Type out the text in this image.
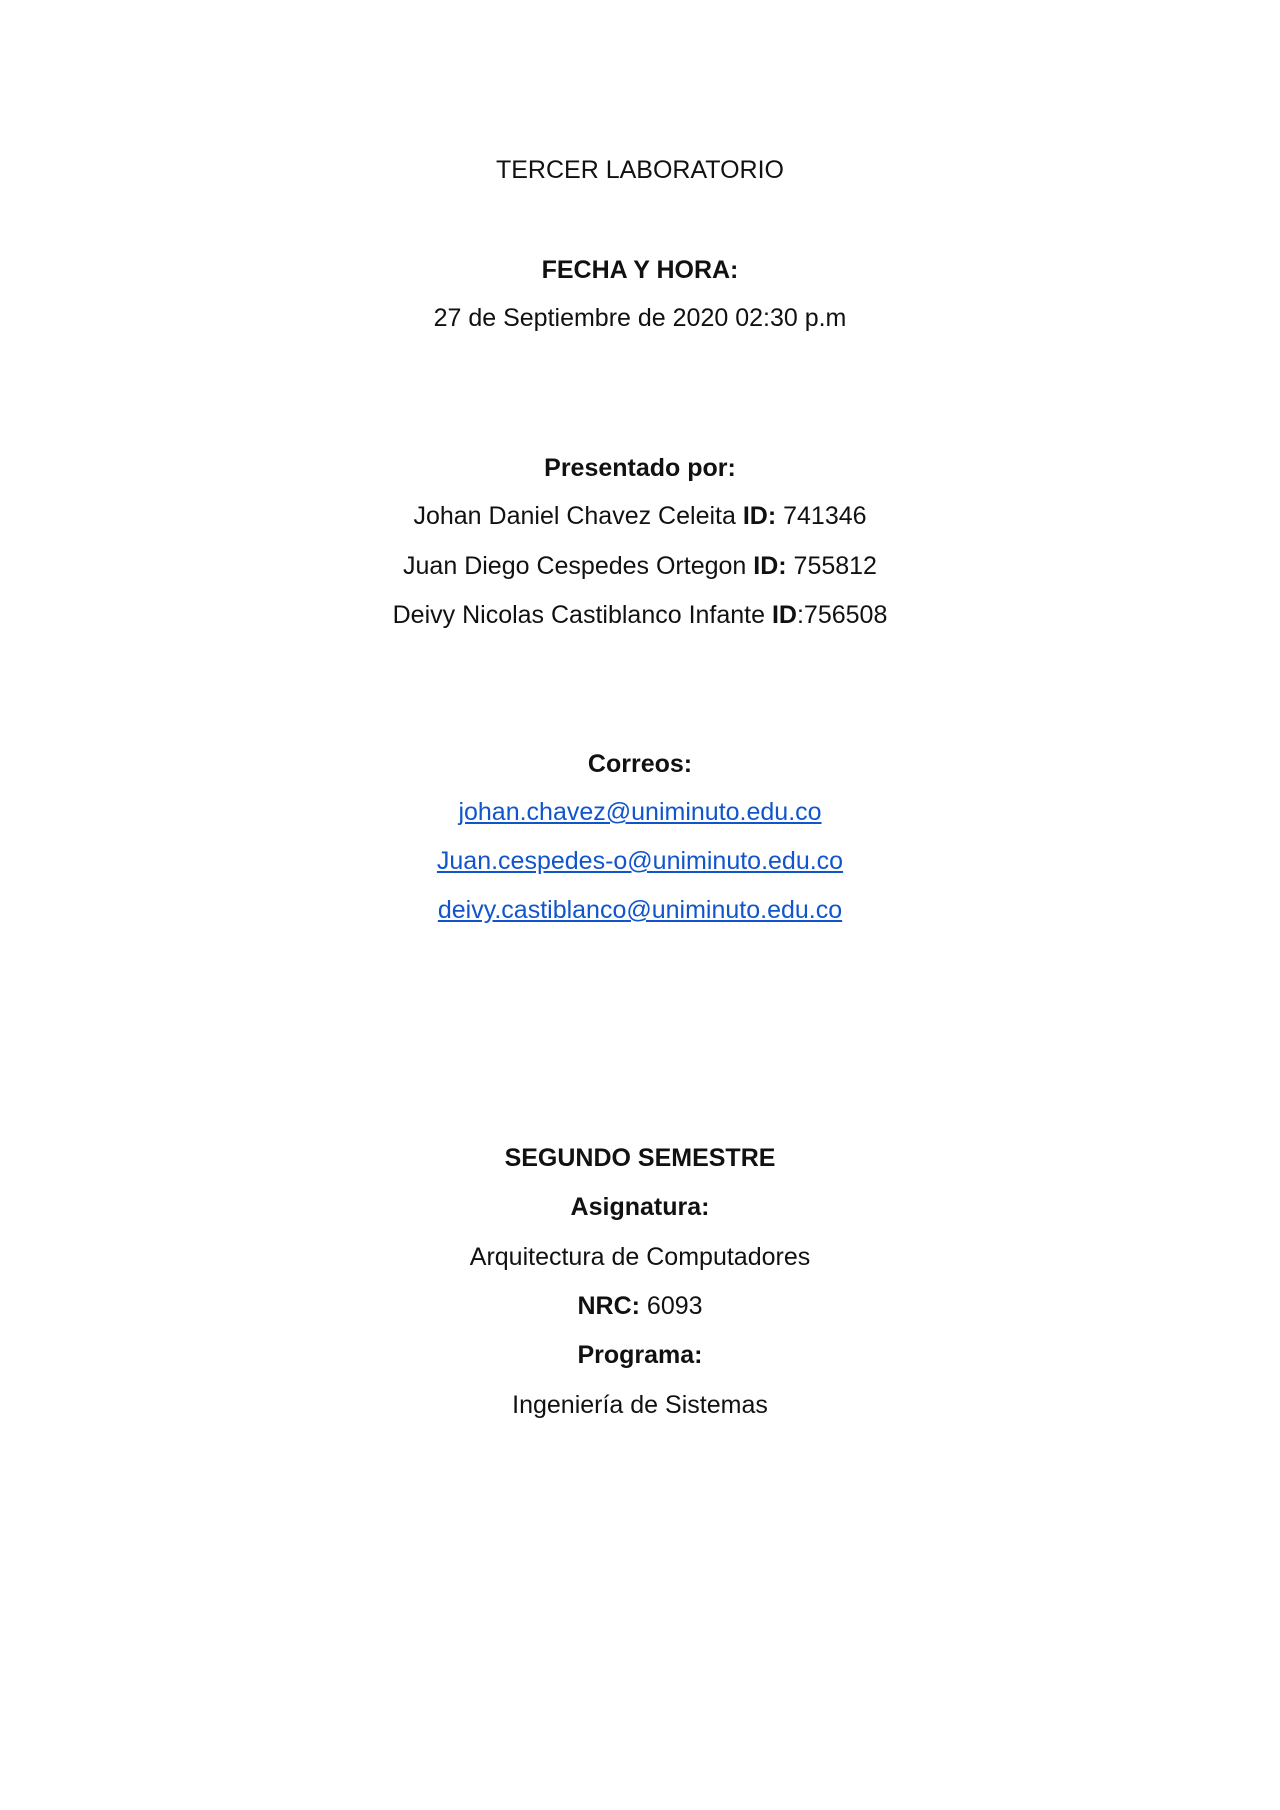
TERCER LABORATORIO
FECHA Y HORA:
27 de Septiembre de 2020 02:30 p.m
Presentado por:
Johan Daniel Chavez Celeita ID: 741346
Juan Diego Cespedes Ortegon ID: 755812
Deivy Nicolas Castiblanco Infante ID:756508
Correos:
johan.chavez@uniminuto.edu.co
Juan.cespedes-o@uniminuto.edu.co
deivy.castiblanco@uniminuto.edu.co
SEGUNDO SEMESTRE
Asignatura:
Arquitectura de Computadores
NRC: 6093
Programa:
Ingeniería de Sistemas
